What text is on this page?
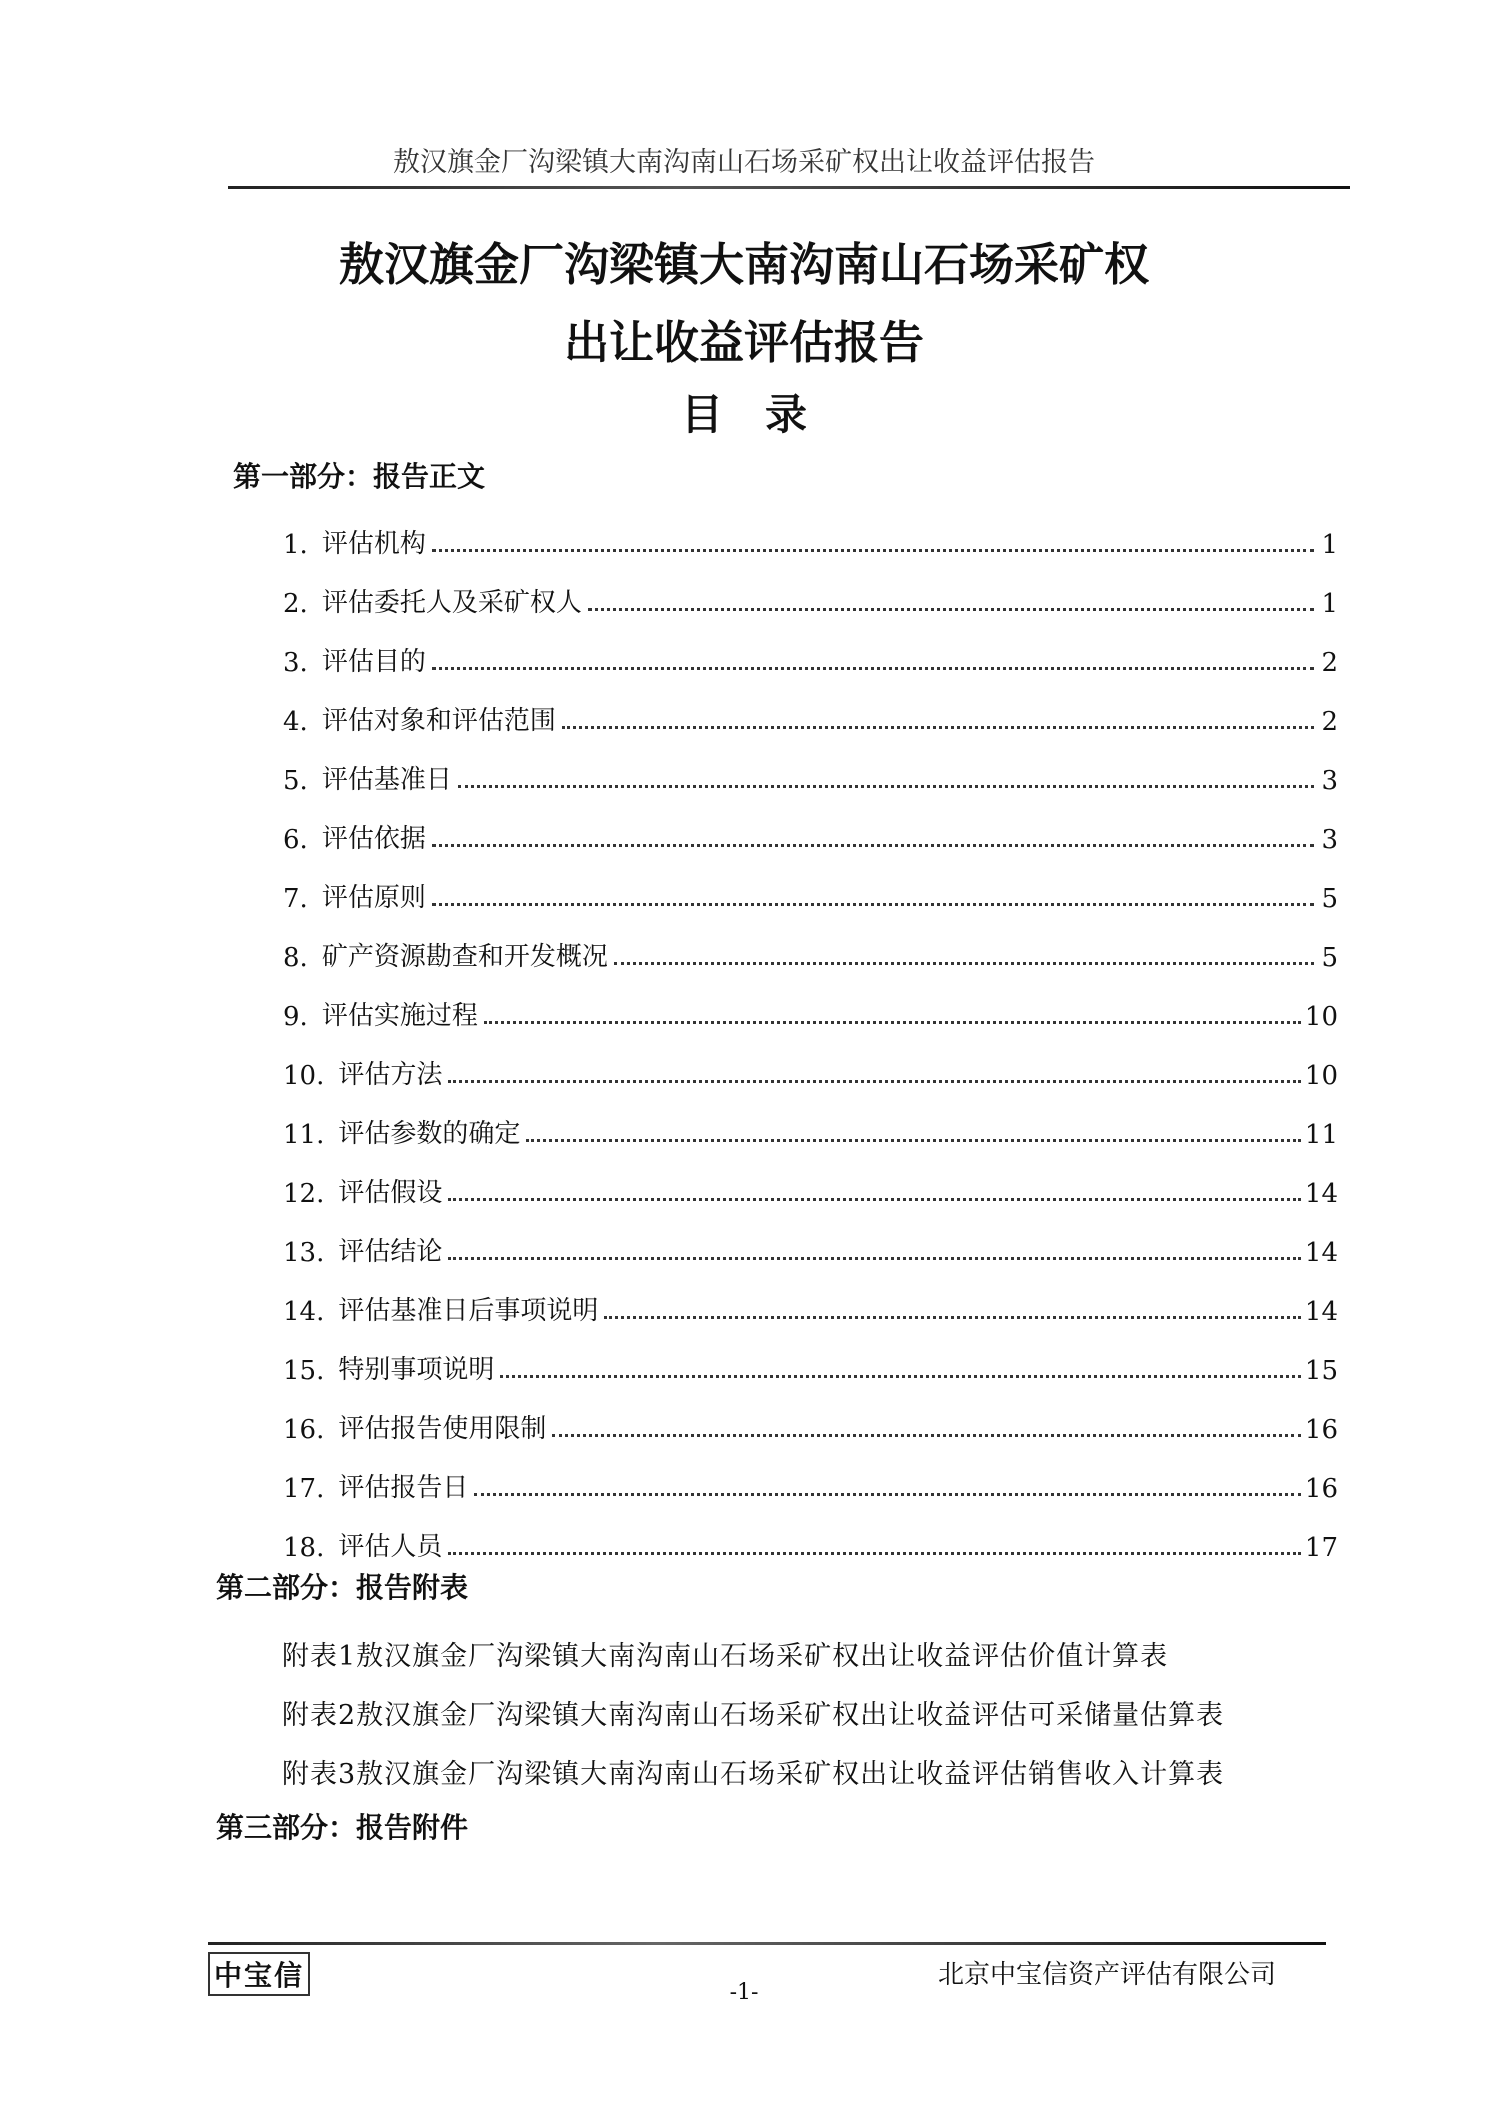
敖汉旗金厂沟梁镇大南沟南山石场采矿权出让收益评估报告
敖汉旗金厂沟梁镇大南沟南山石场采矿权
出让收益评估报告
目　录
第一部分：报告正文
1. 评估机构	1
2. 评估委托人及采矿权人	1
3. 评估目的	2
4. 评估对象和评估范围	2
5. 评估基准日	3
6. 评估依据	3
7. 评估原则	5
8. 矿产资源勘查和开发概况	5
9. 评估实施过程	10
10. 评估方法	10
11. 评估参数的确定	11
12. 评估假设	14
13. 评估结论	14
14. 评估基准日后事项说明	14
15. 特别事项说明	15
16. 评估报告使用限制	16
17. 评估报告日	16
18. 评估人员	17
第二部分：报告附表
附表1敖汉旗金厂沟梁镇大南沟南山石场采矿权出让收益评估价值计算表
附表2敖汉旗金厂沟梁镇大南沟南山石场采矿权出让收益评估可采储量估算表
附表3敖汉旗金厂沟梁镇大南沟南山石场采矿权出让收益评估销售收入计算表
第三部分：报告附件
中宝信	北京中宝信资产评估有限公司
-1-
